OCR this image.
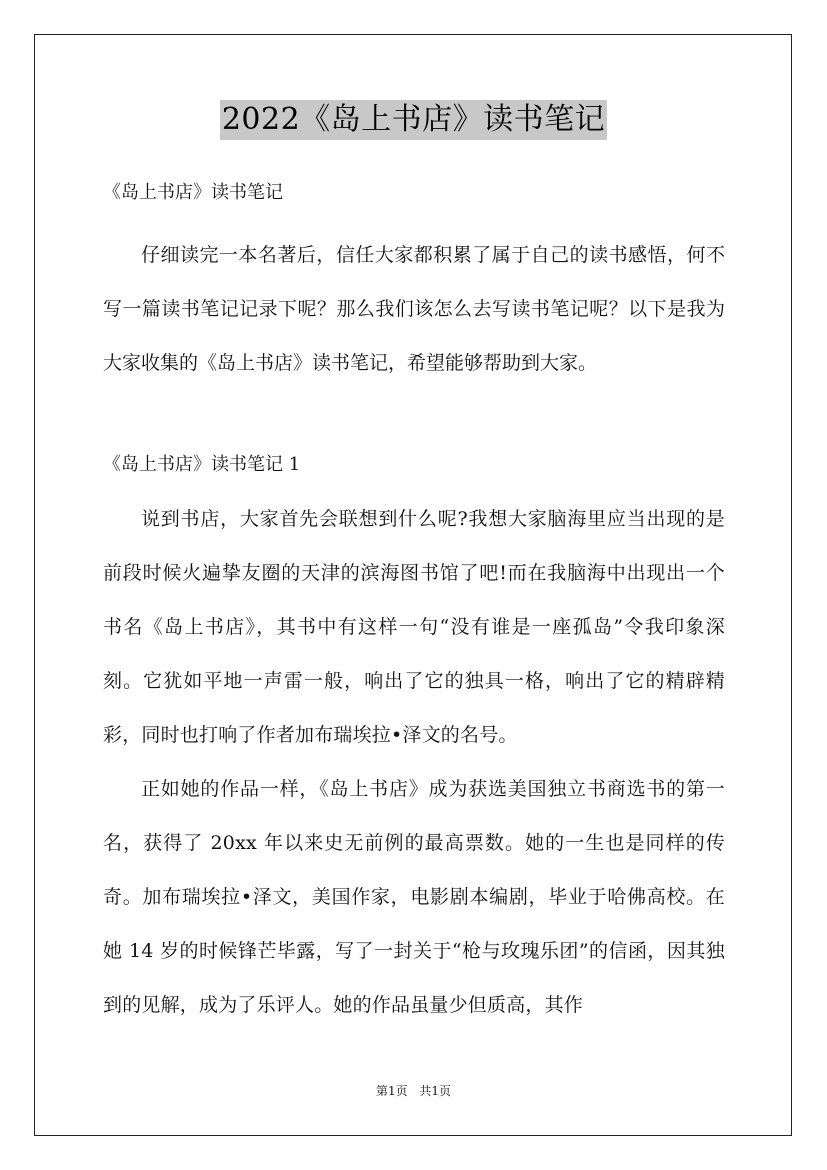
2022《岛上书店》读书笔记
《岛上书店》读书笔记
仔细读完一本名著后，信任大家都积累了属于自己的读书感悟，何不写一篇读书笔记记录下呢？那么我们该怎么去写读书笔记呢？以下是我为大家收集的《岛上书店》读书笔记，希望能够帮助到大家。
《岛上书店》读书笔记 1
说到书店，大家首先会联想到什么呢?我想大家脑海里应当出现的是前段时候火遍挚友圈的天津的滨海图书馆了吧!而在我脑海中出现出一个书名《岛上书店》，其书中有这样一句“没有谁是一座孤岛”令我印象深刻。它犹如平地一声雷一般，响出了它的独具一格，响出了它的精辟精彩，同时也打响了作者加布瑞埃拉•泽文的名号。
正如她的作品一样，《岛上书店》成为获选美国独立书商选书的第一名，获得了 20xx 年以来史无前例的最高票数。她的一生也是同样的传奇。加布瑞埃拉•泽文，美国作家，电影剧本编剧，毕业于哈佛高校。在她 14 岁的时候锋芒毕露，写了一封关于“枪与玫瑰乐团”的信函，因其独到的见解，成为了乐评人。她的作品虽量少但质高，其作
第1页 共1页
